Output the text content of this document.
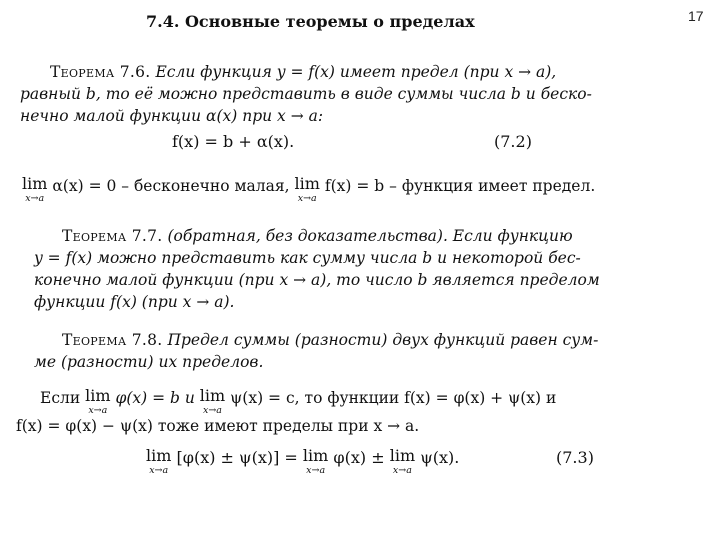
17
7.4. Основные теоремы о пределах
Теорема 7.6. Если функция y = f(x) имеет предел (при x → a),
равный b, то её можно представить в виде суммы числа b и беско-
нечно малой функции α(x) при x → a:
f(x) = b + α(x).	(7.2)
lim
x→a
α(x) = 0 – бесконечно малая, lim
x→a
f(x) = b – функция имеет предел.
Теорема 7.7. (обратная, без доказательства). Если функцию
y = f(x) можно представить как сумму числа b и некоторой бес-
конечно малой функции (при x → a), то число b является пределом
функции f(x) (при x → a).
Теорема 7.8. Предел суммы (разности) двух функций равен сум-
ме (разности) их пределов.
Если lim
x→a
φ(x) = b и lim
x→a
ψ(x) = c, то функции f(x) = φ(x) + ψ(x) и
f(x) = φ(x) − ψ(x) тоже имеют пределы при x → a.
lim
x→a
[φ(x) ± ψ(x)] = lim
x→a
φ(x) ± lim
x→a
ψ(x).	(7.3)
